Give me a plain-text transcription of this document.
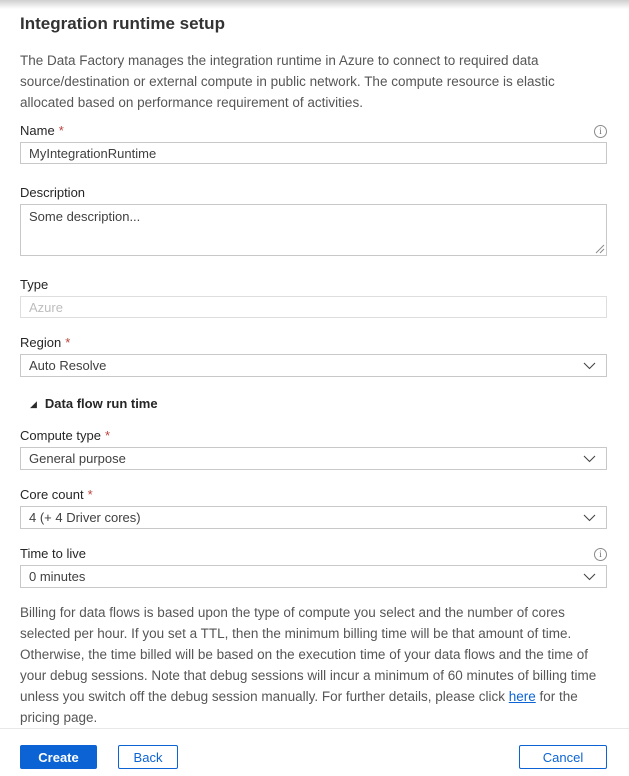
Integration runtime setup

The Data Factory manages the integration runtime in Azure to connect to required data source/destination or external compute in public network. The compute resource is elastic allocated based on performance requirement of activities.

Name *	i
MyIntegrationRuntime
Description
Some description...
Type
Azure
Region *
Auto Resolve
◢ Data flow run time
Compute type *
General purpose
Core count *
4 (+ 4 Driver cores)
Time to live	i
0 minutes

Billing for data flows is based upon the type of compute you select and the number of cores selected per hour. If you set a TTL, then the minimum billing time will be that amount of time. Otherwise, the time billed will be based on the execution time of your data flows and the time of your debug sessions. Note that debug sessions will incur a minimum of 60 minutes of billing time unless you switch off the debug session manually. For further details, please click here for the pricing page.

Create	Back	Cancel
